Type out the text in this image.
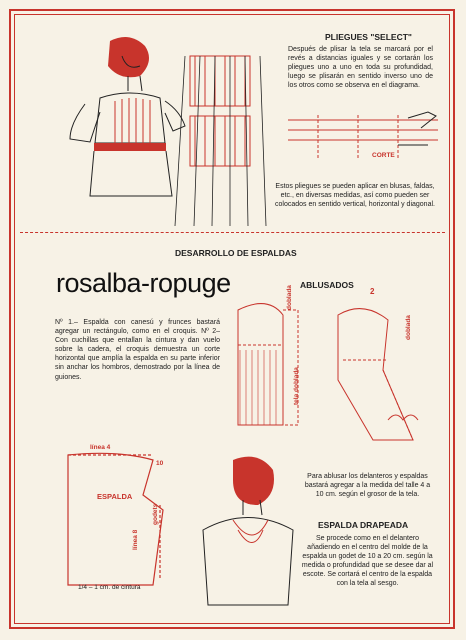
PLIEGUES "SELECT"
Después de plisar la tela se marcará por el revés a distancias iguales y se cortarán los pliegues uno a uno en toda su profundidad, luego se plisarán en sentido inverso uno de los otros como se observa en el diagrama.
CORTE
Estos pliegues se pueden aplicar en blusas, faldas, etc., en diversas medidas, así como pueden ser colocados en sentido vertical, horizontal y diagonal.
DESARROLLO DE ESPALDAS
rosalba-ropuge	ABLUSADOS
Nº 1.– Espalda con canesú y frunces bastará agregar un rectángulo, como en el croquis. Nº 2– Con cuchillas que entallan la cintura y dan vuelo sobre la cadera, el croquis demuestra un corte horizontal que amplía la espalda en su parte inferior sin anchar los hombros, demostrado por la línea de guiones.
doblada
tela doblada
2
doblada
línea 4
10
ESPALDA
línea 8
godets
1/4 – 1 cm. de cintura
Para ablusar los delanteros y espaldas bastará agregar a la medida del talle 4 a 10 cm. según el grosor de la tela.
ESPALDA DRAPEADA
Se procede como en el delantero añadiendo en el centro del molde de la espalda un godet de 10 a 20 cm. según la medida o profundidad que se desee dar al escote. Se cortará el centro de la espalda con la tela al sesgo.
